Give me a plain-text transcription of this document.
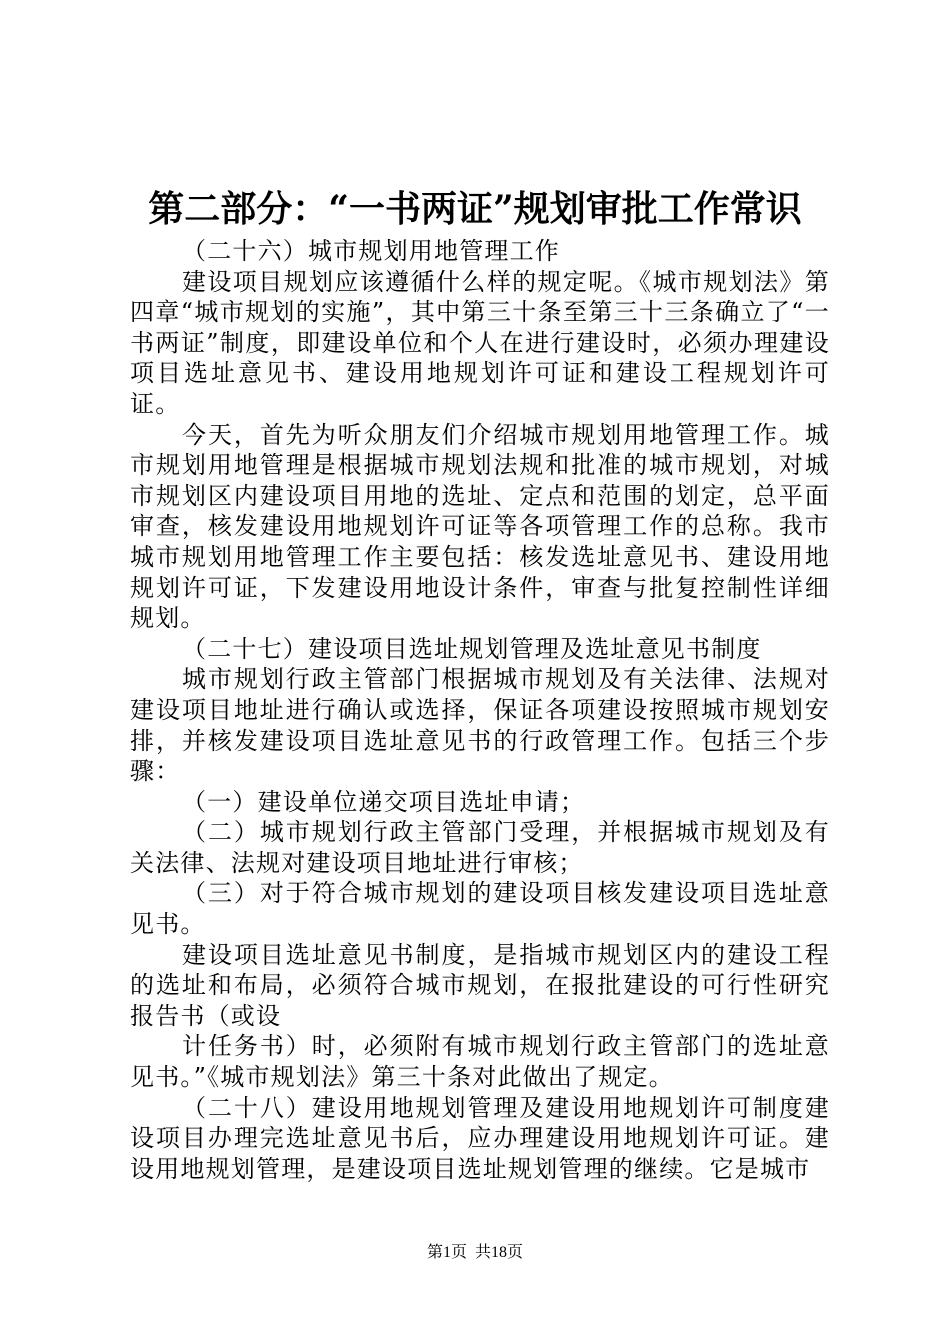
第二部分：“一书两证”规划审批工作常识

（二十六）城市规划用地管理工作

建设项目规划应该遵循什么样的规定呢。《城市规划法》第四章“城市规划的实施”，其中第三十条至第三十三条确立了“一书两证”制度，即建设单位和个人在进行建设时，必须办理建设项目选址意见书、建设用地规划许可证和建设工程规划许可证。

今天，首先为听众朋友们介绍城市规划用地管理工作。城市规划用地管理是根据城市规划法规和批准的城市规划，对城市规划区内建设项目用地的选址、定点和范围的划定，总平面审查，核发建设用地规划许可证等各项管理工作的总称。我市城市规划用地管理工作主要包括：核发选址意见书、建设用地规划许可证，下发建设用地设计条件，审查与批复控制性详细规划。

（二十七）建设项目选址规划管理及选址意见书制度

城市规划行政主管部门根据城市规划及有关法律、法规对建设项目地址进行确认或选择，保证各项建设按照城市规划安排，并核发建设项目选址意见书的行政管理工作。包括三个步骤：

（一）建设单位递交项目选址申请；

（二）城市规划行政主管部门受理，并根据城市规划及有关法律、法规对建设项目地址进行审核；

（三）对于符合城市规划的建设项目核发建设项目选址意见书。

建设项目选址意见书制度，是指城市规划区内的建设工程的选址和布局，必须符合城市规划，在报批建设的可行性研究报告书（或设

计任务书）时，必须附有城市规划行政主管部门的选址意见书。”《城市规划法》第三十条对此做出了规定。

（二十八）建设用地规划管理及建设用地规划许可制度建设项目办理完选址意见书后，应办理建设用地规划许可证。建设用地规划管理，是建设项目选址规划管理的继续。它是城市

第1页 共18页
